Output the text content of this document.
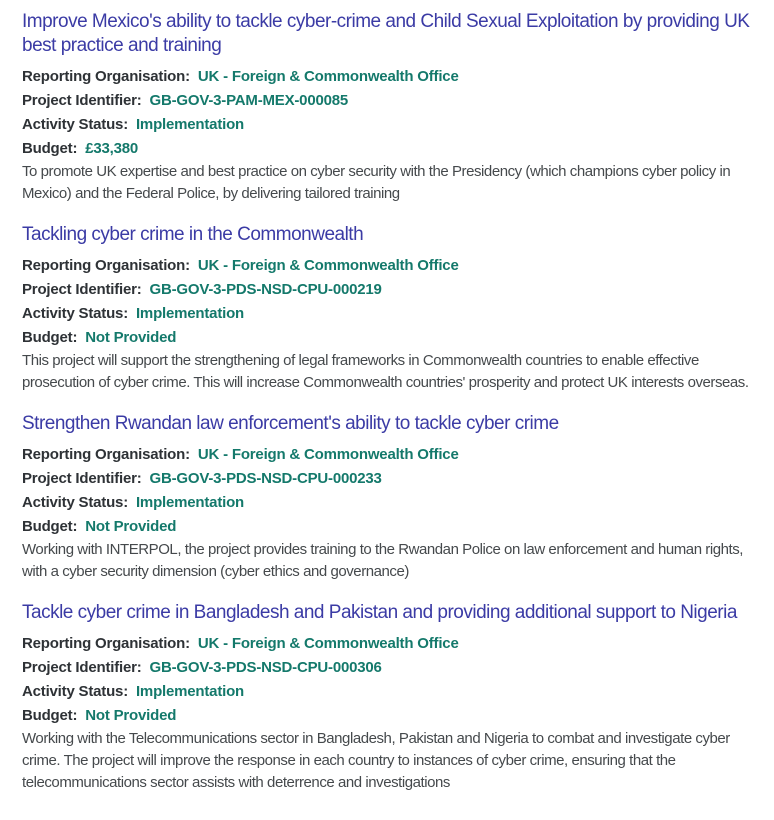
Improve Mexico's ability to tackle cyber-crime and Child Sexual Exploitation by providing UK best practice and training

Reporting Organisation: UK - Foreign & Commonwealth Office

Project Identifier: GB-GOV-3-PAM-MEX-000085

Activity Status: Implementation

Budget: £33,380

To promote UK expertise and best practice on cyber security with the Presidency (which champions cyber policy in Mexico) and the Federal Police, by delivering tailored training

Tackling cyber crime in the Commonwealth

Reporting Organisation: UK - Foreign & Commonwealth Office

Project Identifier: GB-GOV-3-PDS-NSD-CPU-000219

Activity Status: Implementation

Budget: Not Provided

This project will support the strengthening of legal frameworks in Commonwealth countries to enable effective prosecution of cyber crime. This will increase Commonwealth countries' prosperity and protect UK interests overseas.

Strengthen Rwandan law enforcement's ability to tackle cyber crime

Reporting Organisation: UK - Foreign & Commonwealth Office

Project Identifier: GB-GOV-3-PDS-NSD-CPU-000233

Activity Status: Implementation

Budget: Not Provided

Working with INTERPOL, the project provides training to the Rwandan Police on law enforcement and human rights, with a cyber security dimension (cyber ethics and governance)

Tackle cyber crime in Bangladesh and Pakistan and providing additional support to Nigeria

Reporting Organisation: UK - Foreign & Commonwealth Office

Project Identifier: GB-GOV-3-PDS-NSD-CPU-000306

Activity Status: Implementation

Budget: Not Provided

Working with the Telecommunications sector in Bangladesh, Pakistan and Nigeria to combat and investigate cyber crime. The project will improve the response in each country to instances of cyber crime, ensuring that the telecommunications sector assists with deterrence and investigations
